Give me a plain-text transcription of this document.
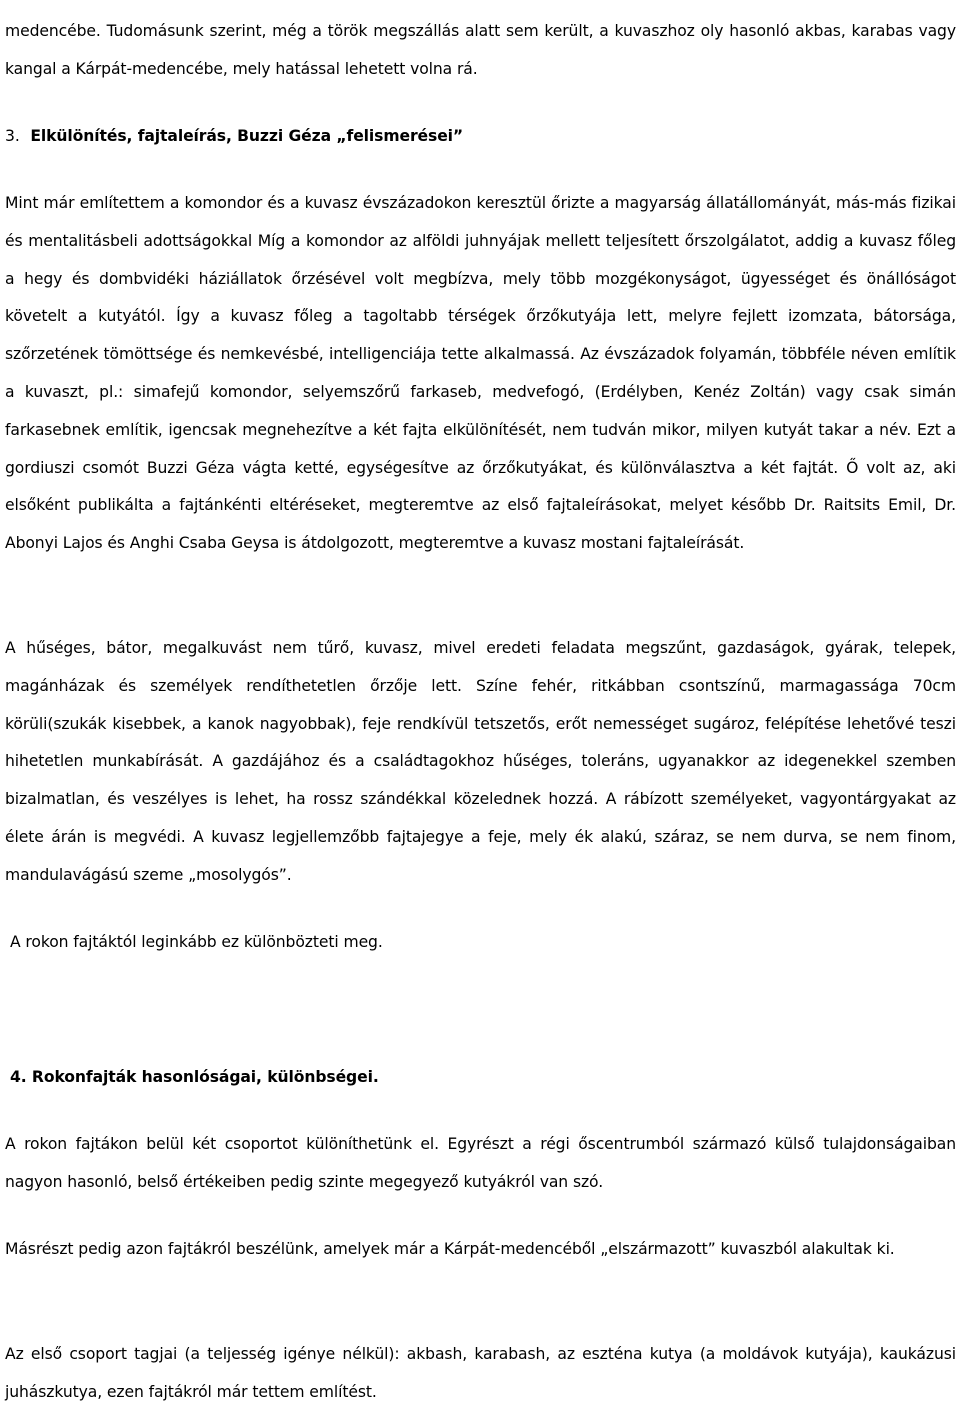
medencébe. Tudomásunk szerint, még a török megszállás alatt sem került, a kuvaszhoz oly hasonló akbas, karabas vagy kangal a Kárpát-medencébe, mely hatással lehetett volna rá.

3. Elkülönítés, fajtaleírás, Buzzi Géza „felismerései”

Mint már említettem a komondor és a kuvasz évszázadokon keresztül őrizte a magyarság állatállományát, más-más fizikai és mentalitásbeli adottságokkal Míg a komondor az alföldi juhnyájak mellett teljesített őrszolgálatot, addig a kuvasz főleg a hegy és dombvidéki háziállatok őrzésével volt megbízva, mely több mozgékonyságot, ügyességet és önállóságot követelt a kutyától. Így a kuvasz főleg a tagoltabb térségek őrzőkutyája lett, melyre fejlett izomzata, bátorsága, szőrzetének tömöttsége és nemkevésbé, intelligenciája tette alkalmassá. Az évszázadok folyamán, többféle néven említik a kuvaszt, pl.: simafejű komondor, selyemszőrű farkaseb, medvefogó, (Erdélyben, Kenéz Zoltán) vagy csak simán farkasebnek említik, igencsak megnehezítve a két fajta elkülönítését, nem tudván mikor, milyen kutyát takar a név. Ezt a gordiuszi csomót Buzzi Géza vágta ketté, egységesítve az őrzőkutyákat, és különválasztva a két fajtát. Ő volt az, aki elsőként publikálta a fajtánkénti eltéréseket, megteremtve az első fajtaleírásokat, melyet később Dr. Raitsits Emil, Dr. Abonyi Lajos és Anghi Csaba Geysa is átdolgozott, megteremtve a kuvasz mostani fajtaleírását.

A hűséges, bátor, megalkuvást nem tűrő, kuvasz, mivel eredeti feladata megszűnt, gazdaságok, gyárak, telepek, magánházak és személyek rendíthetetlen őrzője lett. Színe fehér, ritkábban csontszínű, marmagassága 70cm körüli(szukák kisebbek, a kanok nagyobbak), feje rendkívül tetszetős, erőt nemességet sugároz, felépítése lehetővé teszi hihetetlen munkabírását. A gazdájához és a családtagokhoz hűséges, toleráns, ugyanakkor az idegenekkel szemben bizalmatlan, és veszélyes is lehet, ha rossz szándékkal közelednek hozzá. A rábízott személyeket, vagyontárgyakat az élete árán is megvédi. A kuvasz legjellemzőbb fajtajegye a feje, mely ék alakú, száraz, se nem durva, se nem finom, mandulavágású szeme „mosolygós”.

A rokon fajtáktól leginkább ez különbözteti meg.

4. Rokonfajták hasonlóságai, különbségei.

A rokon fajtákon belül két csoportot különíthetünk el. Egyrészt a régi őscentrumból származó külső tulajdonságaiban nagyon hasonló, belső értékeiben pedig szinte megegyező kutyákról van szó.

Másrészt pedig azon fajtákról beszélünk, amelyek már a Kárpát-medencéből „elszármazott” kuvaszból alakultak ki.

Az első csoport tagjai (a teljesség igénye nélkül): akbash, karabash, az eszténa kutya (a moldávok kutyája), kaukázusi juhászkutya, ezen fajtákról már tettem említést.
